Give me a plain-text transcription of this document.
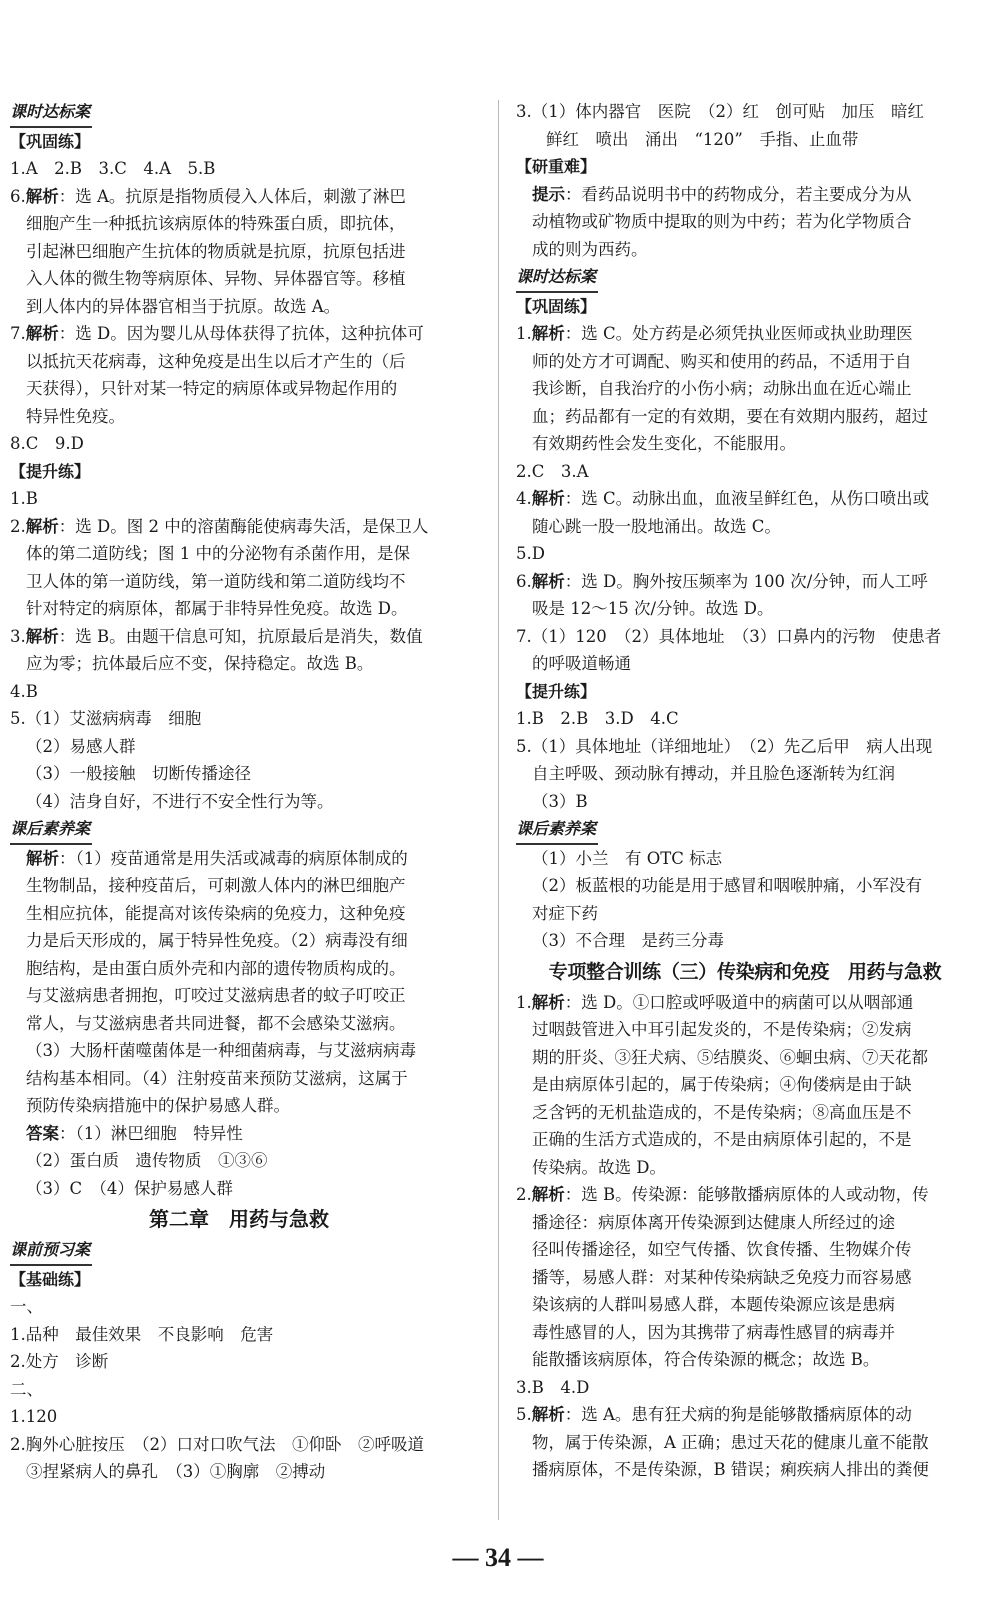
课时达标案
【巩固练】
1.A　2.B　3.C　4.A　5.B
6.解析：选 A。抗原是指物质侵入人体后，刺激了淋巴
细胞产生一种抵抗该病原体的特殊蛋白质，即抗体，
引起淋巴细胞产生抗体的物质就是抗原，抗原包括进
入人体的微生物等病原体、异物、异体器官等。移植
到人体内的异体器官相当于抗原。故选 A。
7.解析：选 D。因为婴儿从母体获得了抗体，这种抗体可
以抵抗天花病毒，这种免疫是出生以后才产生的（后
天获得），只针对某一特定的病原体或异物起作用的
特异性免疫。
8.C　9.D
【提升练】
1.B
2.解析：选 D。图 2 中的溶菌酶能使病毒失活，是保卫人
体的第二道防线；图 1 中的分泌物有杀菌作用，是保
卫人体的第一道防线，第一道防线和第二道防线均不
针对特定的病原体，都属于非特异性免疫。故选 D。
3.解析：选 B。由题干信息可知，抗原最后是消失，数值
应为零；抗体最后应不变，保持稳定。故选 B。
4.B
5.（1）艾滋病病毒　细胞
（2）易感人群
（3）一般接触　切断传播途径
（4）洁身自好，不进行不安全性行为等。
课后素养案
解析：（1）疫苗通常是用失活或减毒的病原体制成的
生物制品，接种疫苗后，可刺激人体内的淋巴细胞产
生相应抗体，能提高对该传染病的免疫力，这种免疫
力是后天形成的，属于特异性免疫。（2）病毒没有细
胞结构，是由蛋白质外壳和内部的遗传物质构成的。
与艾滋病患者拥抱，叮咬过艾滋病患者的蚊子叮咬正
常人，与艾滋病患者共同进餐，都不会感染艾滋病。
（3）大肠杆菌噬菌体是一种细菌病毒，与艾滋病病毒
结构基本相同。（4）注射疫苗来预防艾滋病，这属于
预防传染病措施中的保护易感人群。
答案：（1）淋巴细胞　特异性
（2）蛋白质　遗传物质　①③⑥
（3）C　（4）保护易感人群
第二章　用药与急救
课前预习案
【基础练】
一、
1.品种　最佳效果　不良影响　危害
2.处方　诊断
二、
1.120
2.胸外心脏按压　（2）口对口吹气法　①仰卧　②呼吸道
③捏紧病人的鼻孔　（3）①胸廓　②搏动
3.（1）体内器官　医院　（2）红　创可贴　加压　暗红
鲜红　喷出　涌出　“120”　手指、止血带
【研重难】
提示：看药品说明书中的药物成分，若主要成分为从
动植物或矿物质中提取的则为中药；若为化学物质合
成的则为西药。
课时达标案
【巩固练】
1.解析：选 C。处方药是必须凭执业医师或执业助理医
师的处方才可调配、购买和使用的药品，不适用于自
我诊断，自我治疗的小伤小病；动脉出血在近心端止
血；药品都有一定的有效期，要在有效期内服药，超过
有效期药性会发生变化，不能服用。
2.C　3.A
4.解析：选 C。动脉出血，血液呈鲜红色，从伤口喷出或
随心跳一股一股地涌出。故选 C。
5.D
6.解析：选 D。胸外按压频率为 100 次/分钟，而人工呼
吸是 12～15 次/分钟。故选 D。
7.（1）120　（2）具体地址　（3）口鼻内的污物　使患者
的呼吸道畅通
【提升练】
1.B　2.B　3.D　4.C
5.（1）具体地址（详细地址）　（2）先乙后甲　病人出现
自主呼吸、颈动脉有搏动，并且脸色逐渐转为红润
（3）B
课后素养案
（1）小兰　有 OTC 标志
（2）板蓝根的功能是用于感冒和咽喉肿痛，小军没有
对症下药
（3）不合理　是药三分毒
专项整合训练（三）传染病和免疫　用药与急救
1.解析：选 D。①口腔或呼吸道中的病菌可以从咽部通
过咽鼓管进入中耳引起发炎的，不是传染病；②发病
期的肝炎、③狂犬病、⑤结膜炎、⑥蛔虫病、⑦天花都
是由病原体引起的，属于传染病；④佝偻病是由于缺
乏含钙的无机盐造成的，不是传染病；⑧高血压是不
正确的生活方式造成的，不是由病原体引起的，不是
传染病。故选 D。
2.解析：选 B。传染源：能够散播病原体的人或动物，传
播途径：病原体离开传染源到达健康人所经过的途
径叫传播途径，如空气传播、饮食传播、生物媒介传
播等，易感人群：对某种传染病缺乏免疫力而容易感
染该病的人群叫易感人群，本题传染源应该是患病
毒性感冒的人，因为其携带了病毒性感冒的病毒并
能散播该病原体，符合传染源的概念；故选 B。
3.B　4.D
5.解析：选 A。患有狂犬病的狗是能够散播病原体的动
物，属于传染源，A 正确；患过天花的健康儿童不能散
播病原体，不是传染源，B 错误；痢疾病人排出的粪便
— 34 —
